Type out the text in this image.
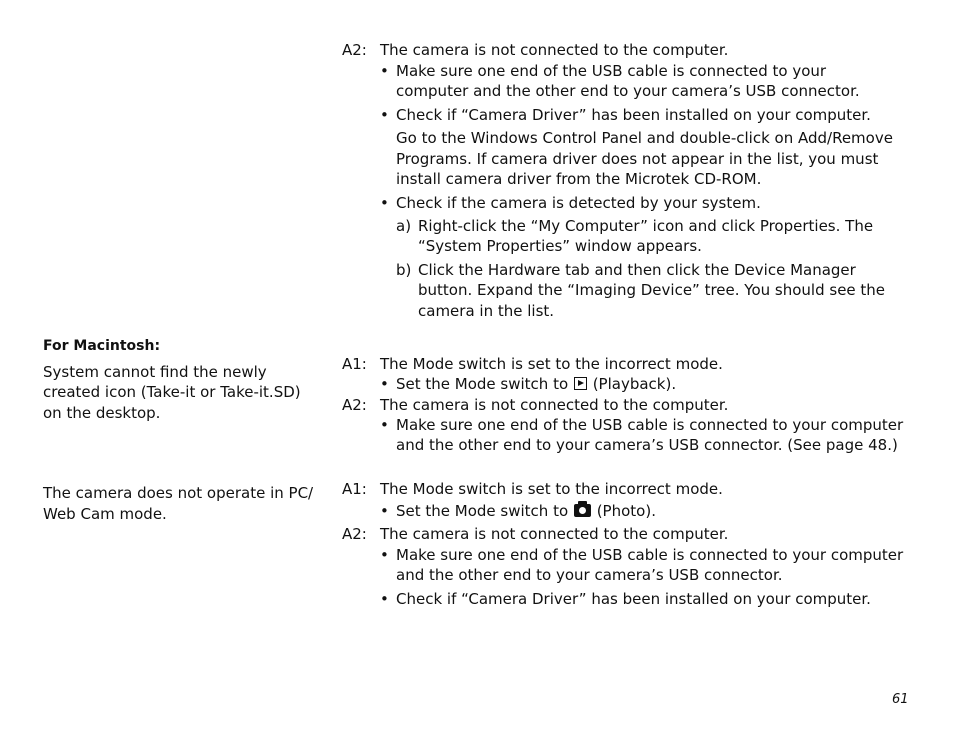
A2: The camera is not connected to the computer.
• Make sure one end of the USB cable is connected to your
computer and the other end to your camera’s USB connector.
• Check if “Camera Driver” has been installed on your computer.
Go to the Windows Control Panel and double-click on Add/Remove
Programs. If camera driver does not appear in the list, you must
install camera driver from the Microtek CD-ROM.
• Check if the camera is detected by your system.
a) Right-click the “My Computer” icon and click Properties. The
“System Properties” window appears.
b) Click the Hardware tab and then click the Device Manager
button. Expand the “Imaging Device” tree. You should see the
camera in the list.
For Macintosh:
System cannot find the newly
created icon (Take-it or Take-it.SD)
on the desktop.
A1: The Mode switch is set to the incorrect mode.
• Set the Mode switch to (Playback).
A2: The camera is not connected to the computer.
• Make sure one end of the USB cable is connected to your computer
and the other end to your camera’s USB connector. (See page 48.)
The camera does not operate in PC/
Web Cam mode.
A1: The Mode switch is set to the incorrect mode.
• Set the Mode switch to (Photo).
A2: The camera is not connected to the computer.
• Make sure one end of the USB cable is connected to your computer
and the other end to your camera’s USB connector.
• Check if “Camera Driver” has been installed on your computer.
61
